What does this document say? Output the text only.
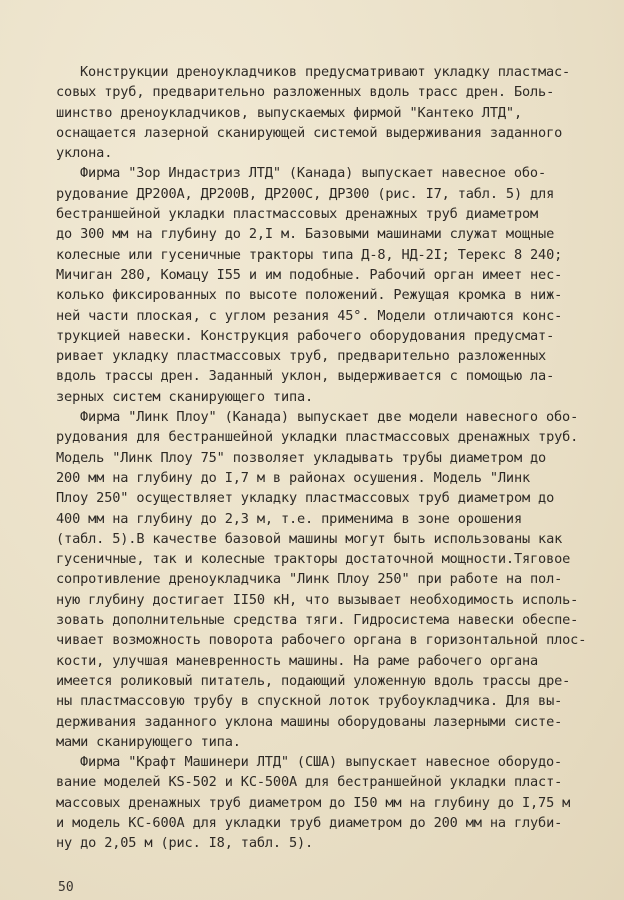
Конструкции дреноукладчиков предусматривают укладку пластмас-
совых труб, предварительно разложенных вдоль трасс дрен. Боль-
шинство дреноукладчиков, выпускаемых фирмой "Кантеко ЛТД",
оснащается лазерной сканирующей системой выдерживания заданного
уклона.
Фирма "Зор Индастриз ЛТД" (Канада) выпускает навесное обо-
рудование ДР200А, ДР200В, ДР200С, ДР300 (рис. I7, табл. 5) для
бестраншейной укладки пластмассовых дренажных труб диаметром
до 300 мм на глубину до 2,I м. Базовыми машинами служат мощные
колесные или гусеничные тракторы типа Д-8, НД-2I; Терекс 8 240;
Мичиган 280, Комацу I55 и им подобные. Рабочий орган имеет нес-
колько фиксированных по высоте положений. Режущая кромка в ниж-
ней части плоская, с углом резания 45°. Модели отличаются конс-
трукцией навески. Конструкция рабочего оборудования предусмат-
ривает укладку пластмассовых труб, предварительно разложенных
вдоль трассы дрен. Заданный уклон, выдерживается с помощью ла-
зерных систем сканирующего типа.
Фирма "Линк Плоу" (Канада) выпускает две модели навесного обо-
рудования для бестраншейной укладки пластмассовых дренажных труб.
Модель "Линк Плоу 75" позволяет укладывать трубы диаметром до
200 мм на глубину до I,7 м в районах осушения. Модель "Линк
Плоу 250" осуществляет укладку пластмассовых труб диаметром до
400 мм на глубину до 2,3 м, т.е. применима в зоне орошения
(табл. 5).В качестве базовой машины могут быть использованы как
гусеничные, так и колесные тракторы достаточной мощности.Тяговое
сопротивление дреноукладчика "Линк Плоу 250" при работе на пол-
ную глубину достигает II50 кН, что вызывает необходимость исполь-
зовать дополнительные средства тяги. Гидросистема навески обеспе-
чивает возможность поворота рабочего органа в горизонтальной плос-
кости, улучшая маневренность машины. На раме рабочего органа
имеется роликовый питатель, подающий уложенную вдоль трассы дре-
ны пластмассовую трубу в спускной лоток трубоукладчика. Для вы-
держивания заданного уклона машины оборудованы лазерными систе-
мами сканирующего типа.
Фирма "Крафт Машинери ЛТД" (США) выпускает навесное оборудо-
вание моделей КS-502 и КС-500А для бестраншейной укладки пласт-
массовых дренажных труб диаметром до I50 мм на глубину до I,75 м
и модель КС-600А для укладки труб диаметром до 200 мм на глуби-
ну до 2,05 м (рис. I8, табл. 5).
50
